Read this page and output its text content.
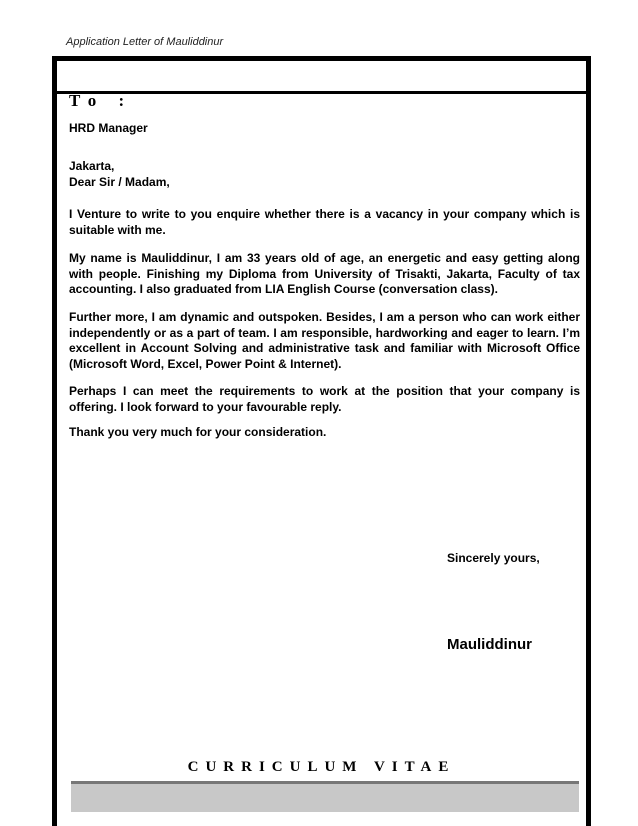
Application Letter of Mauliddinur
To :
HRD Manager
Jakarta,
Dear Sir / Madam,

I Venture to write to you enquire whether there is a vacancy in your company which is suitable with me.

My name is Mauliddinur, I am 33 years old of age, an energetic and easy getting along with people. Finishing my Diploma from University of Trisakti, Jakarta, Faculty of tax accounting. I also graduated from LIA English Course (conversation class).

Further more, I am dynamic and outspoken. Besides, I am a person who can work either independently or as a part of team. I am responsible, hardworking and eager to learn. I’m excellent in Account Solving and administrative task and familiar with Microsoft Office (Microsoft Word, Excel, Power Point & Internet).

Perhaps I can meet the requirements to work at the position that your company is offering. I look forward to your favourable reply.

Thank you very much for your consideration.

Sincerely yours,
Mauliddinur
CURRICULUM VITAE
